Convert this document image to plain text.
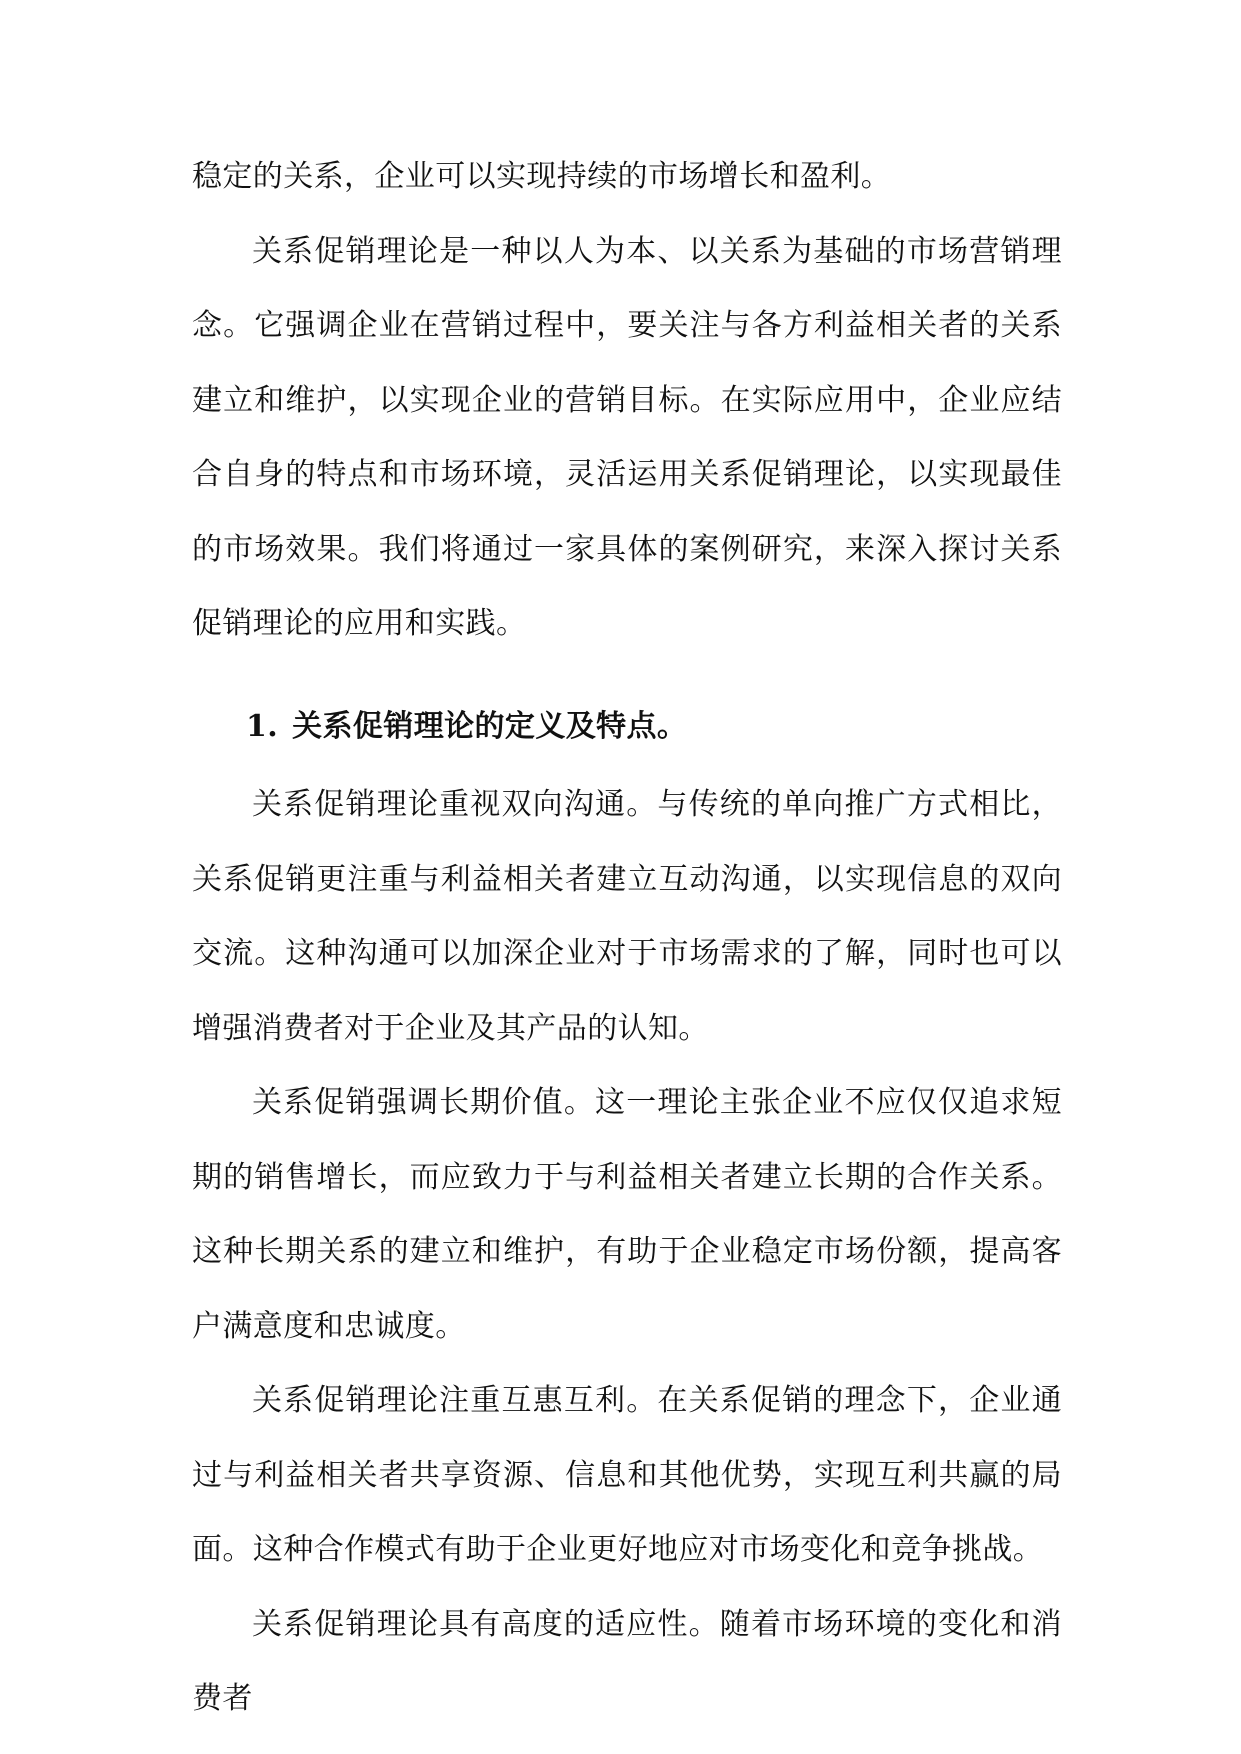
稳定的关系，企业可以实现持续的市场增长和盈利。

关系促销理论是一种以人为本、以关系为基础的市场营销理念。它强调企业在营销过程中，要关注与各方利益相关者的关系建立和维护，以实现企业的营销目标。在实际应用中，企业应结合自身的特点和市场环境，灵活运用关系促销理论，以实现最佳的市场效果。我们将通过一家具体的案例研究，来深入探讨关系促销理论的应用和实践。

1. 关系促销理论的定义及特点。

关系促销理论重视双向沟通。与传统的单向推广方式相比，关系促销更注重与利益相关者建立互动沟通，以实现信息的双向交流。这种沟通可以加深企业对于市场需求的了解，同时也可以增强消费者对于企业及其产品的认知。

关系促销强调长期价值。这一理论主张企业不应仅仅追求短期的销售增长，而应致力于与利益相关者建立长期的合作关系。这种长期关系的建立和维护，有助于企业稳定市场份额，提高客户满意度和忠诚度。

关系促销理论注重互惠互利。在关系促销的理念下，企业通过与利益相关者共享资源、信息和其他优势，实现互利共赢的局面。这种合作模式有助于企业更好地应对市场变化和竞争挑战。

关系促销理论具有高度的适应性。随着市场环境的变化和消费者
